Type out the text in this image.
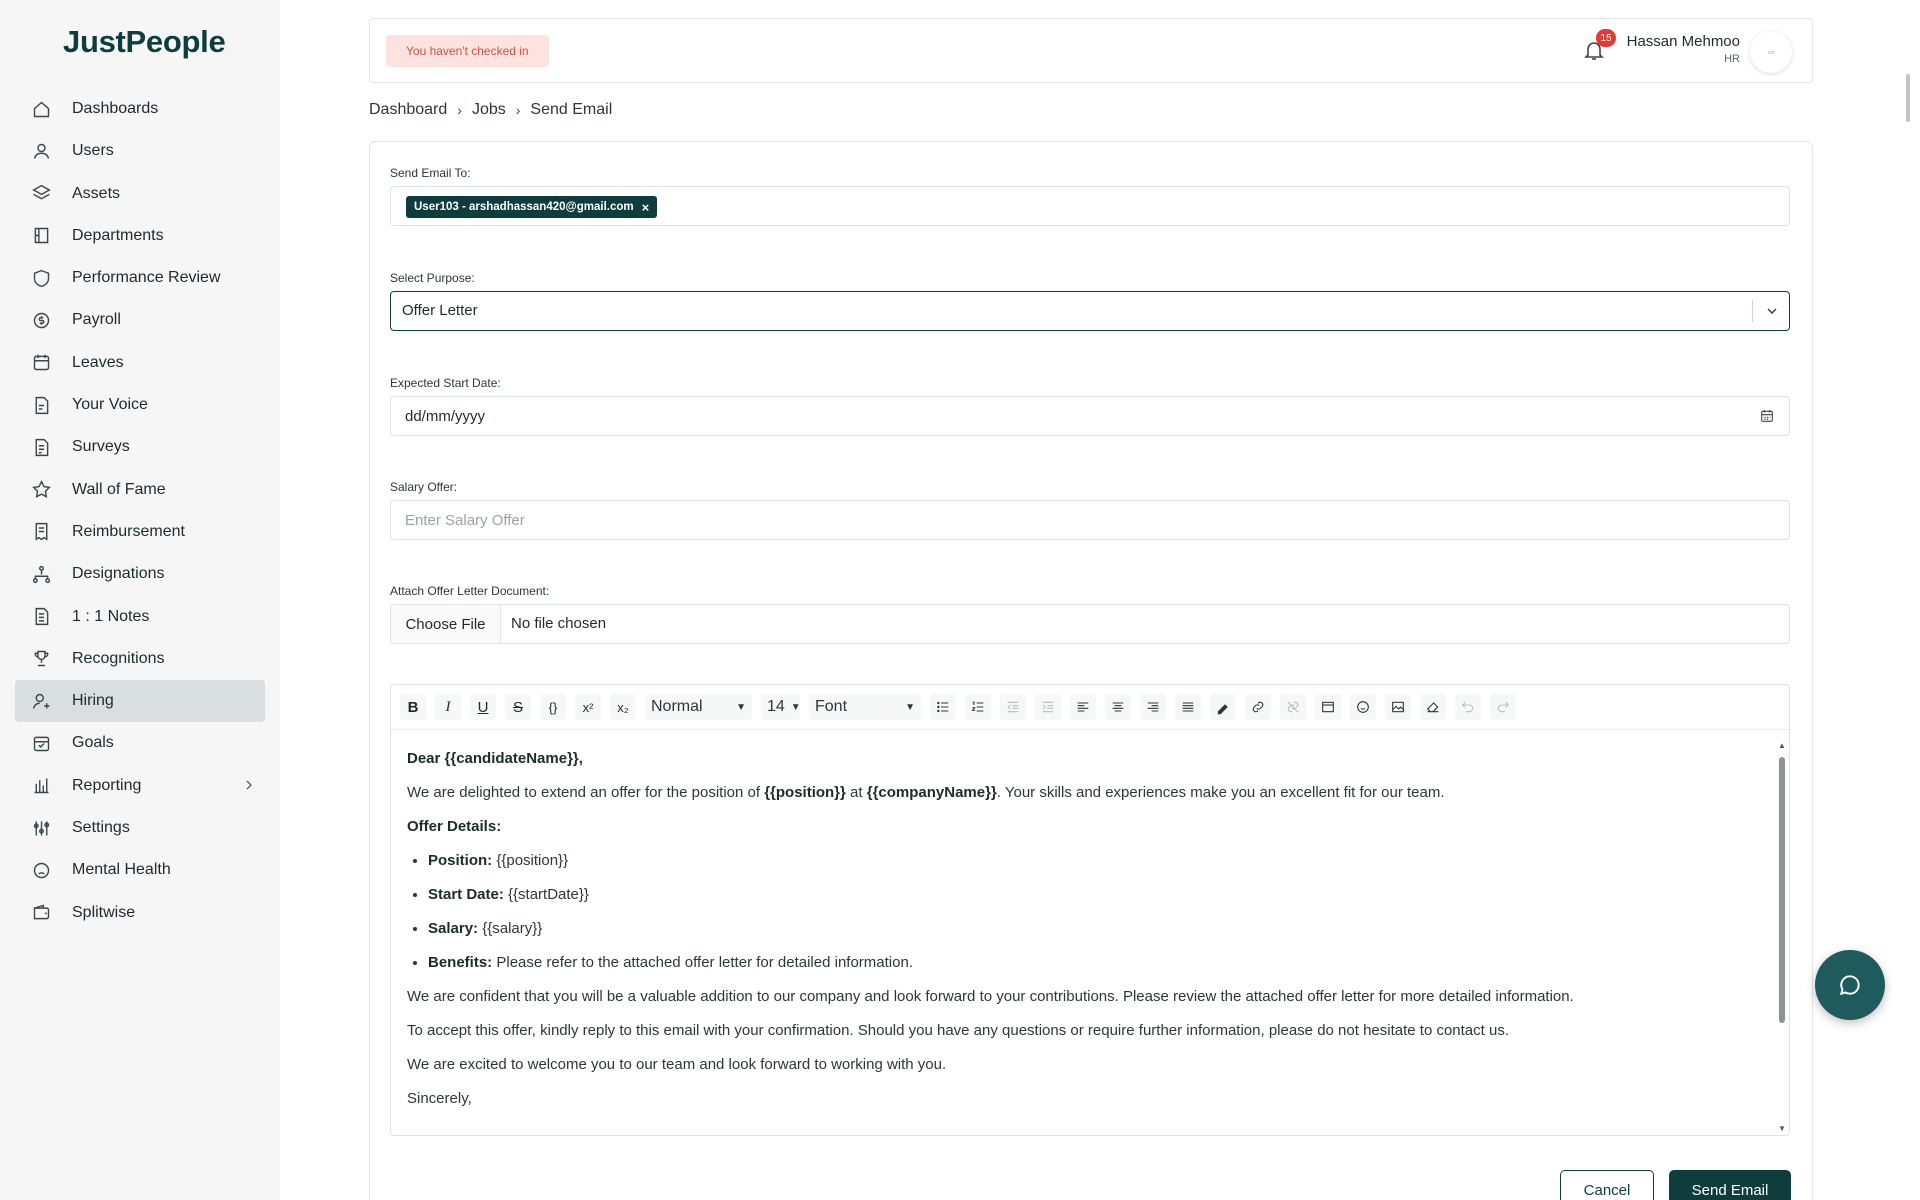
JustPeople
Dashboards
Users
Assets
Departments
Performance Review
Payroll
Leaves
Your Voice
Surveys
Wall of Fame
Reimbursement
Designations
1 : 1 Notes
Recognitions
Hiring
Goals
Reporting
Settings
Mental Health
Splitwise
You haven't checked in
15 Hassan Mehmoo
HR
▫▫
Dashboard › Jobs › Send Email
Send Email To:
User103 - arshadhassan420@gmail.com ×
Select Purpose:
Offer Letter
Expected Start Date:
dd/mm/yyyy
Salary Offer:
Enter Salary Offer
Attach Offer Letter Document:
Choose File	No file chosen
B	I	U	S	{}	x²	x₂	Normal	▼ 14 ▼ Font	▼

Dear {{candidateName}},

We are delighted to extend an offer for the position of {{position}} at {{companyName}}. Your skills and experiences make you an excellent fit for our team.

Offer Details:

• Position: {{position}}
• Start Date: {{startDate}}
• Salary: {{salary}}
• Benefits: Please refer to the attached offer letter for detailed information.

We are confident that you will be a valuable addition to our company and look forward to your contributions. Please review the attached offer letter for more detailed information.

To accept this offer, kindly reply to this email with your confirmation. Should you have any questions or require further information, please do not hesitate to contact us.

We are excited to welcome you to our team and look forward to working with you.

Sincerely,

▲
▼
Cancel	Send Email
